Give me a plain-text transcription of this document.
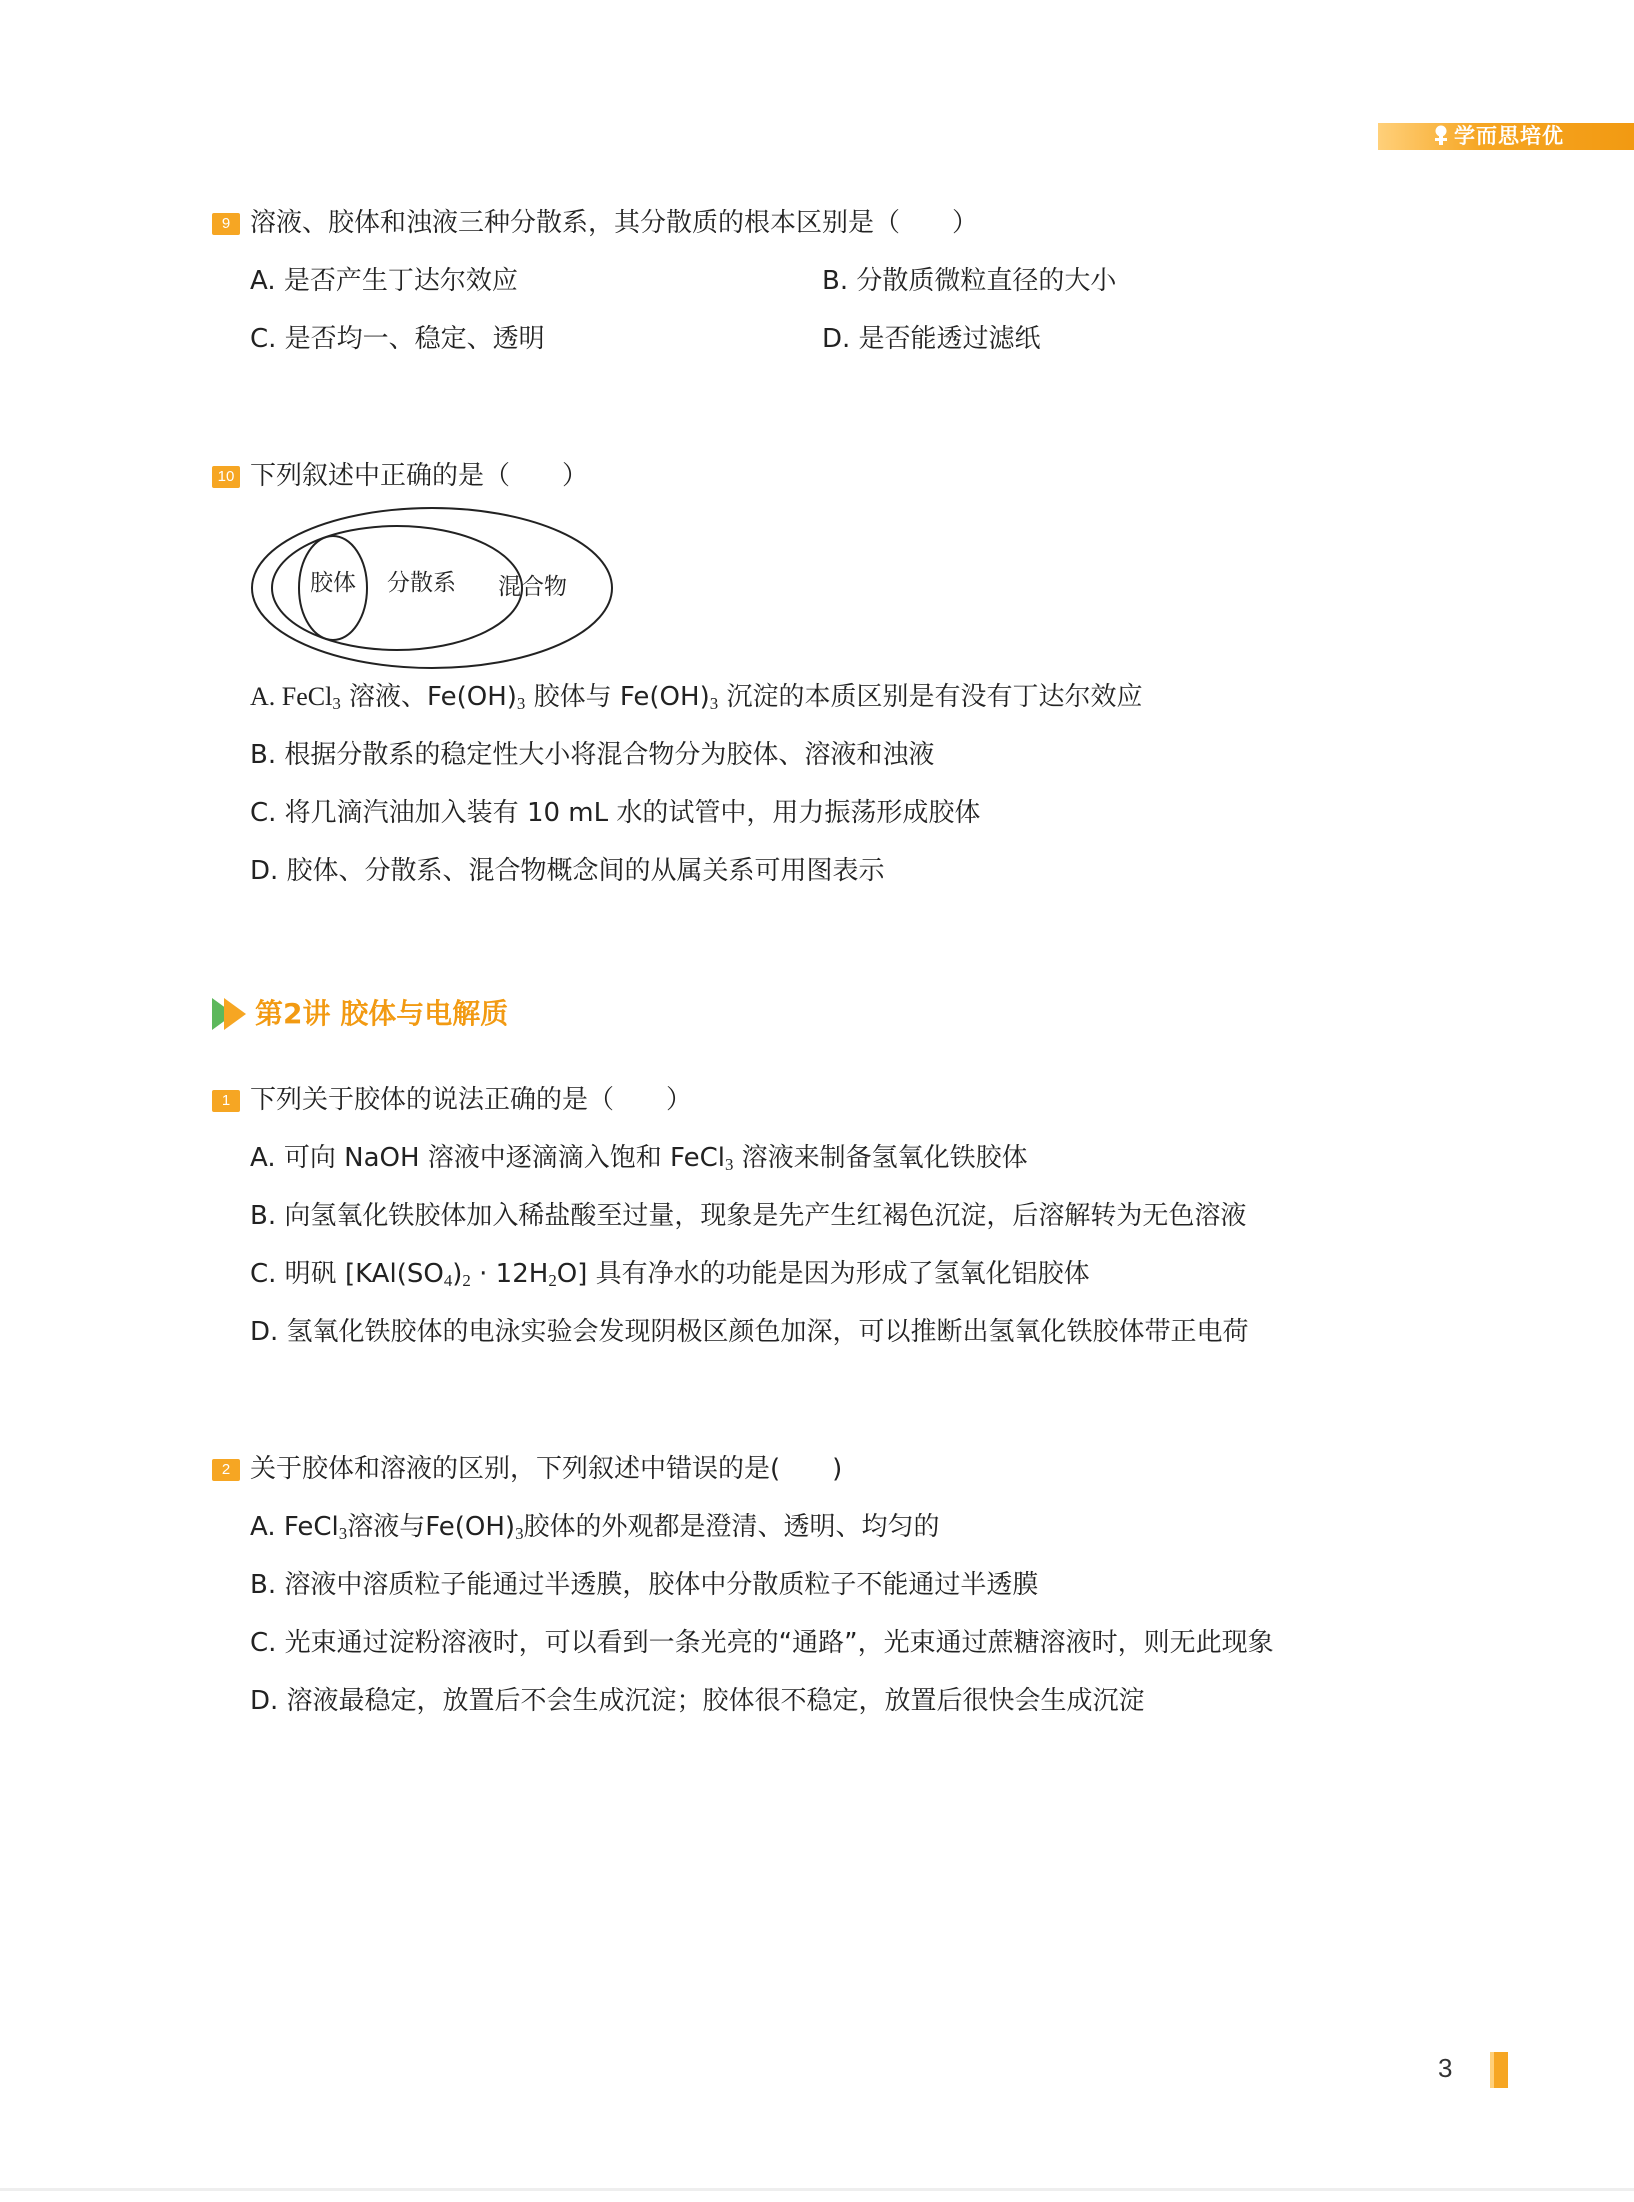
学而思培优
9 溶液、胶体和浊液三种分散系，其分散质的根本区别是（　　）
A. 是否产生丁达尔效应	B. 分散质微粒直径的大小
C. 是否均一、稳定、透明	D. 是否能透过滤纸
10 下列叙述中正确的是（　　）
胶体 分散系 混合物
A. FeCl$_3$ 溶液、$Fe(OH)_3$ 胶体与 $Fe(OH)_3$ 沉淀的本质区别是有没有丁达尔效应
B. 根据分散系的稳定性大小将混合物分为胶体、溶液和浊液
C. 将几滴汽油加入装有 10 mL 水的试管中，用力振荡形成胶体
D. 胶体、分散系、混合物概念间的从属关系可用图表示
第2讲 胶体与电解质
1 下列关于胶体的说法正确的是（　　）
A. 可向 NaOH 溶液中逐滴滴入饱和 FeCl$_3$ 溶液来制备氢氧化铁胶体
B. 向氢氧化铁胶体加入稀盐酸至过量，现象是先产生红褐色沉淀，后溶解转为无色溶液
C. 明矾 $[KAl(SO_4)_2 \cdot 12H_2O]$ 具有净水的功能是因为形成了氢氧化铝胶体
D. 氢氧化铁胶体的电泳实验会发现阴极区颜色加深，可以推断出氢氧化铁胶体带正电荷
2 关于胶体和溶液的区别，下列叙述中错误的是(　　)
A. FeCl$_3$溶液与$Fe(OH)_3$胶体的外观都是澄清、透明、均匀的
B. 溶液中溶质粒子能通过半透膜，胶体中分散质粒子不能通过半透膜
C. 光束通过淀粉溶液时，可以看到一条光亮的“通路”，光束通过蔗糖溶液时，则无此现象
D. 溶液最稳定，放置后不会生成沉淀；胶体很不稳定，放置后很快会生成沉淀
3
